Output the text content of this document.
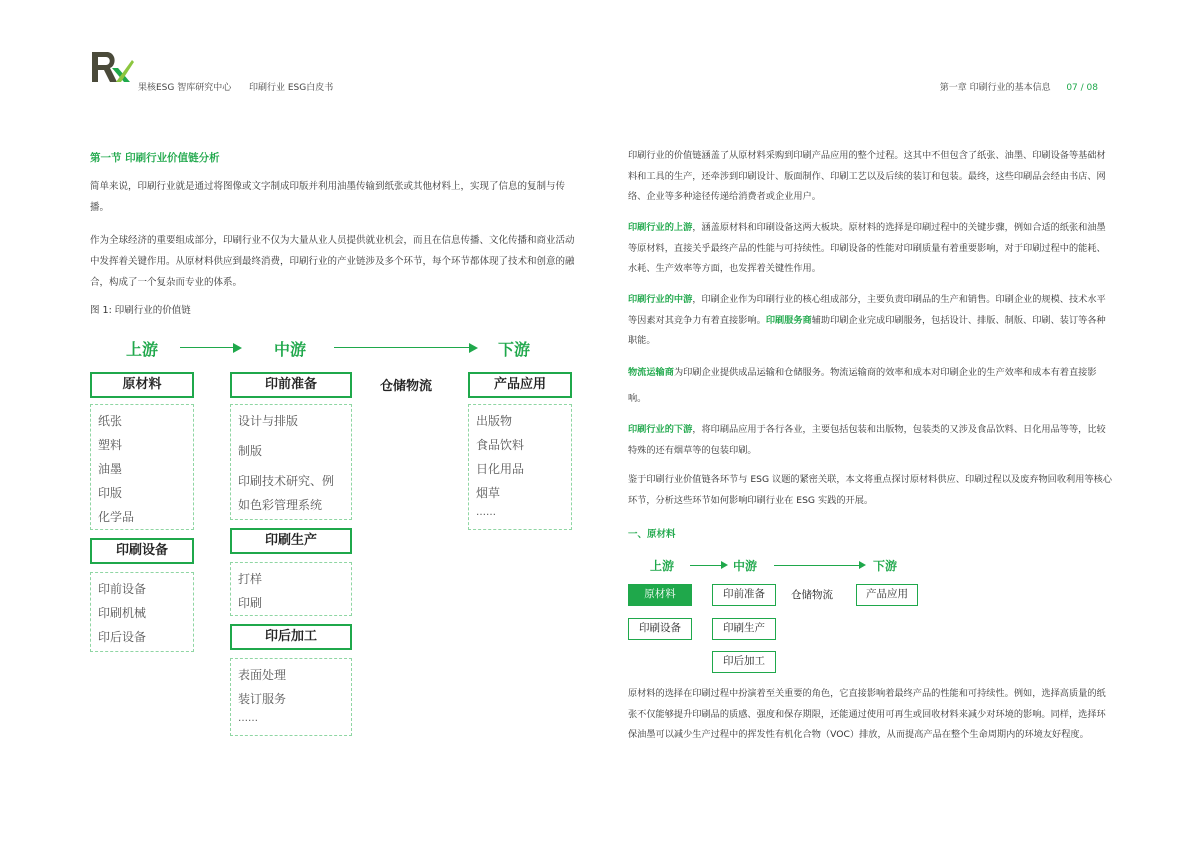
果核ESG 智库研究中心 印刷行业 ESG白皮书	第一章 印刷行业的基本信息 07 / 08
第一节 印刷行业价值链分析

简单来说，印刷行业就是通过将图像或文字制成印版并利用油墨传输到纸张或其他材料上，实现了信息的复制与传播。

作为全球经济的重要组成部分，印刷行业不仅为大量从业人员提供就业机会，而且在信息传播、文化传播和商业活动中发挥着关键作用。从原材料供应到最终消费，印刷行业的产业链涉及多个环节，每个环节都体现了技术和创意的融合，构成了一个复杂而专业的体系。

图 1: 印刷行业的价值链
上游	中游	下游
原材料
纸张
塑料
油墨
印版
化学品
印刷设备
印前设备
印刷机械
印后设备
印前准备
设计与排版
制版
印刷技术研究、例
如色彩管理系统
印刷生产
打样
印刷
印后加工
表面处理
装订服务
……
仓储物流	产品应用
出版物
食品饮料
日化用品
烟草
……

印刷行业的价值链涵盖了从原材料采购到印刷产品应用的整个过程。这其中不但包含了纸张、油墨、印刷设备等基础材料和工具的生产，还牵涉到印刷设计、版面制作、印刷工艺以及后续的装订和包装。最终，这些印刷品会经由书店、网络、企业等多种途径传递给消费者或企业用户。

印刷行业的上游，涵盖原材料和印刷设备这两大板块。原材料的选择是印刷过程中的关键步骤，例如合适的纸张和油墨等原材料，直接关乎最终产品的性能与可持续性。印刷设备的性能对印刷质量有着重要影响，对于印刷过程中的能耗、水耗、生产效率等方面，也发挥着关键性作用。

印刷行业的中游，印刷企业作为印刷行业的核心组成部分，主要负责印刷品的生产和销售。印刷企业的规模、技术水平等因素对其竞争力有着直接影响。印刷服务商辅助印刷企业完成印刷服务，包括设计、排版、制版、印刷、装订等各种职能。

物流运输商为印刷企业提供成品运输和仓储服务。物流运输商的效率和成本对印刷企业的生产效率和成本有着直接影响。

印刷行业的下游，将印刷品应用于各行各业，主要包括包装和出版物，包装类的又涉及食品饮料、日化用品等等，比较特殊的还有烟草等的包装印刷。

鉴于印刷行业价值链各环节与 ESG 议题的紧密关联，本文将重点探讨原材料供应、印刷过程以及废弃物回收利用等核心环节，分析这些环节如何影响印刷行业在 ESG 实践的开展。

一、原材料
上游	中游	下游
原材料
印刷设备
印前准备
印刷生产
印后加工
仓储物流	产品应用

原材料的选择在印刷过程中扮演着至关重要的角色，它直接影响着最终产品的性能和可持续性。例如，选择高质量的纸张不仅能够提升印刷品的质感、强度和保存期限，还能通过使用可再生或回收材料来减少对环境的影响。同样，选择环保油墨可以减少生产过程中的挥发性有机化合物（VOC）排放，从而提高产品在整个生命周期内的环境友好程度。
